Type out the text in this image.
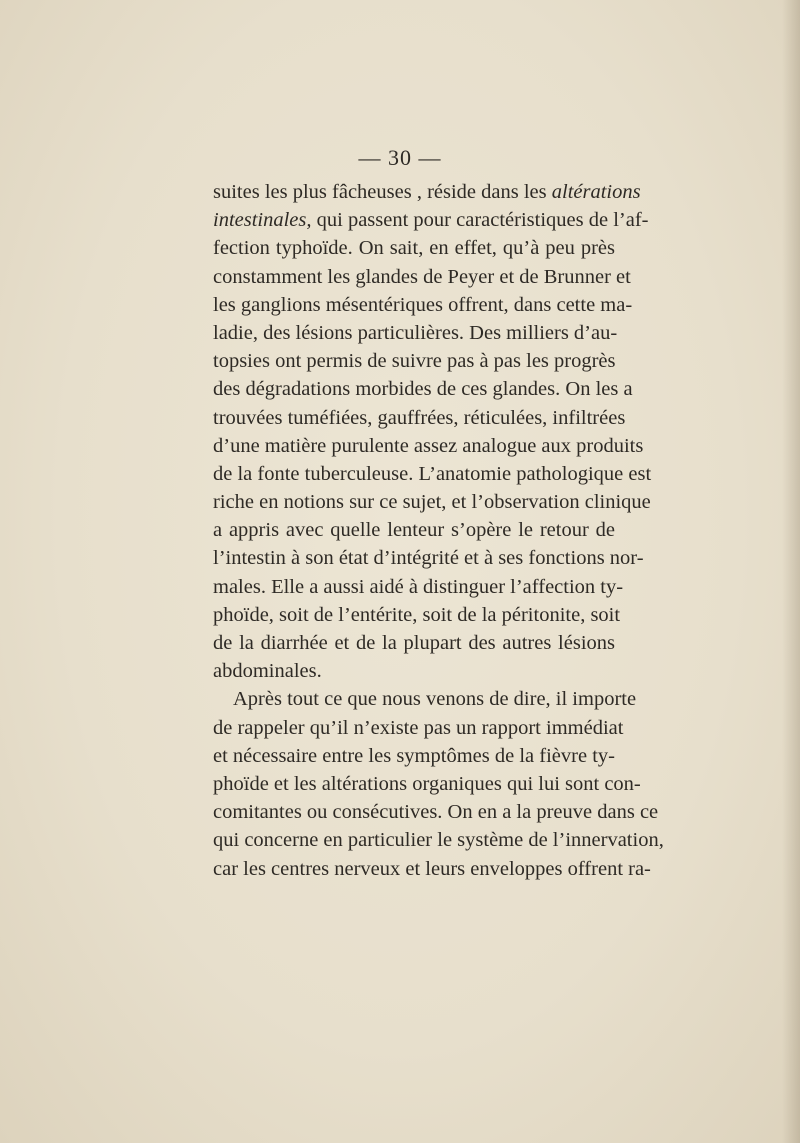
— 30 —
suites les plus fâcheuses , réside dans les altérations
intestinales, qui passent pour caractéristiques de l’af-
fection typhoïde. On sait, en effet, qu’à peu près
constamment les glandes de Peyer et de Brunner et
les ganglions mésentériques offrent, dans cette ma-
ladie, des lésions particulières. Des milliers d’au-
topsies ont permis de suivre pas à pas les progrès
des dégradations morbides de ces glandes. On les a
trouvées tuméfiées, gauffrées, réticulées, infiltrées
d’une matière purulente assez analogue aux produits
de la fonte tuberculeuse. L’anatomie pathologique est
riche en notions sur ce sujet, et l’observation clinique
a appris avec quelle lenteur s’opère le retour de
l’intestin à son état d’intégrité et à ses fonctions nor-
males. Elle a aussi aidé à distinguer l’affection ty-
phoïde, soit de l’entérite, soit de la péritonite, soit
de la diarrhée et de la plupart des autres lésions
abdominales.
Après tout ce que nous venons de dire, il importe
de rappeler qu’il n’existe pas un rapport immédiat
et nécessaire entre les symptômes de la fièvre ty-
phoïde et les altérations organiques qui lui sont con-
comitantes ou consécutives. On en a la preuve dans ce
qui concerne en particulier le système de l’innervation,
car les centres nerveux et leurs enveloppes offrent ra-
